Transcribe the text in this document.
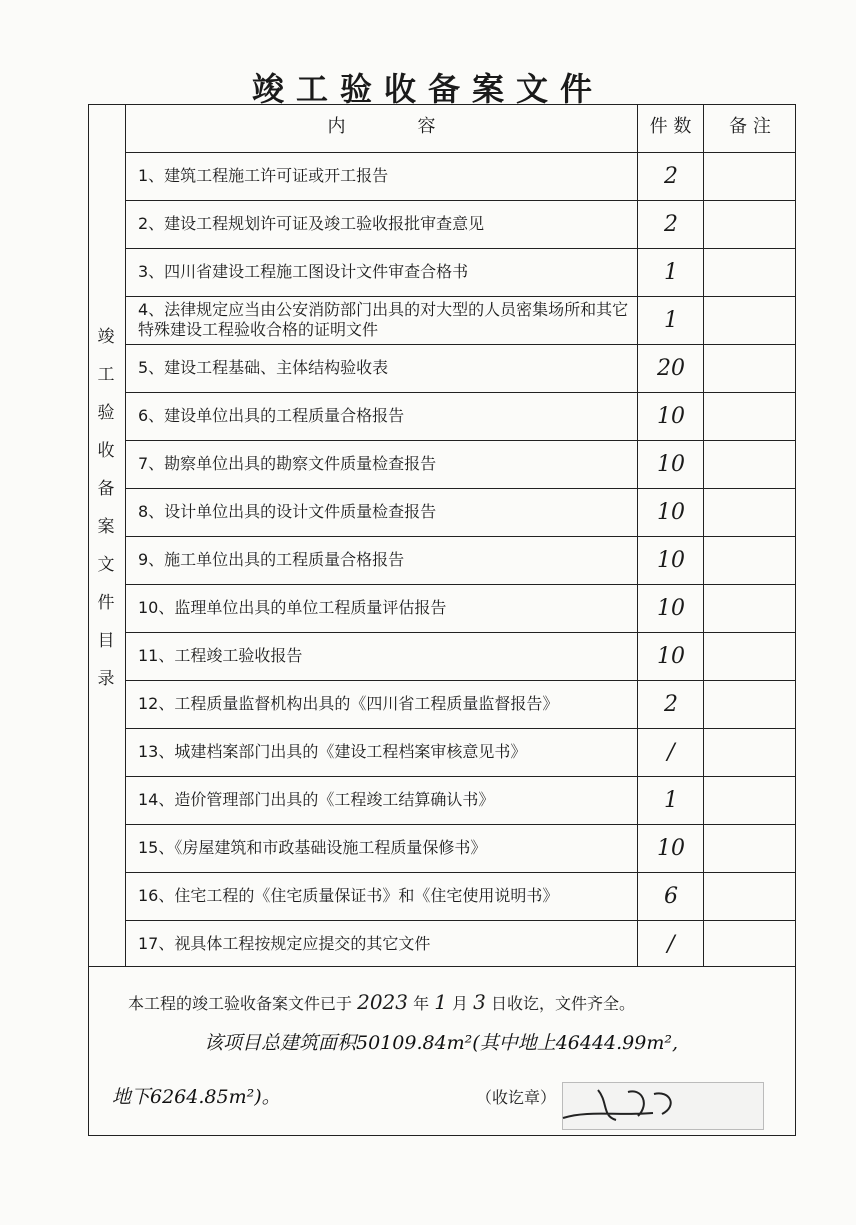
竣工验收备案文件
内　　　　容	件 数	备 注
竣
工
验
收
备
案
文
件
目
录
1、建筑工程施工许可证或开工报告	2
2、建设工程规划许可证及竣工验收报批审查意见	2
3、四川省建设工程施工图设计文件审查合格书	1
4、法律规定应当由公安消防部门出具的对大型的人员密集场所和其它特殊建设工程验收合格的证明文件	1
5、建设工程基础、主体结构验收表	20
6、建设单位出具的工程质量合格报告	10
7、勘察单位出具的勘察文件质量检查报告	10
8、设计单位出具的设计文件质量检查报告	10
9、施工单位出具的工程质量合格报告	10
10、监理单位出具的单位工程质量评估报告	10
11、工程竣工验收报告	10
12、工程质量监督机构出具的《四川省工程质量监督报告》	2
13、城建档案部门出具的《建设工程档案审核意见书》	/
14、造价管理部门出具的《工程竣工结算确认书》	1
15、《房屋建筑和市政基础设施工程质量保修书》	10
16、住宅工程的《住宅质量保证书》和《住宅使用说明书》	6
17、视具体工程按规定应提交的其它文件	/
本工程的竣工验收备案文件已于 2023 年 1 月 3 日收讫，文件齐全。
该项目总建筑面积50109.84m²(其中地上46444.99m²,
地下6264.85m²)。	（收讫章）
